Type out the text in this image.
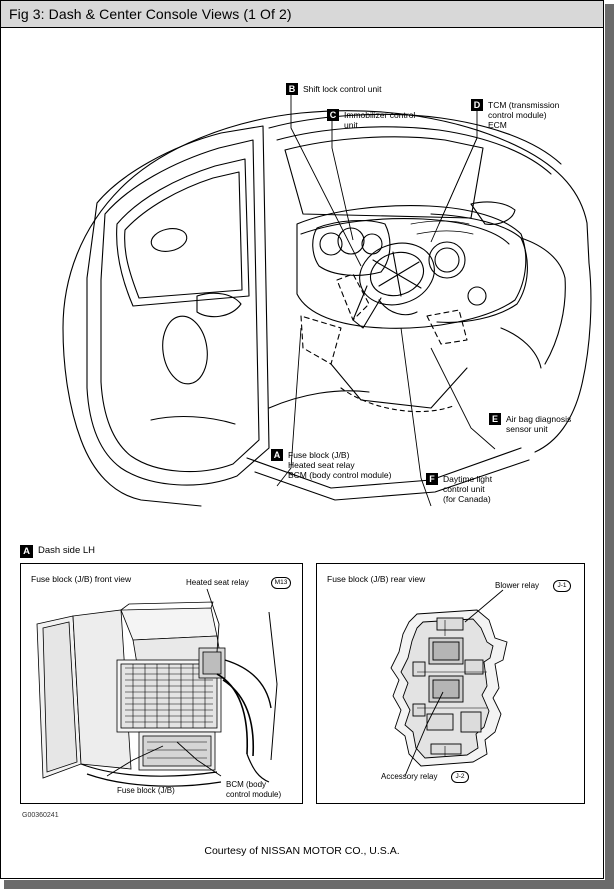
Fig 3: Dash & Center Console Views (1 Of 2)
B Shift lock control unit
C Immobilizer control
unit
D TCM (transmission
control module)
ECM
E Air bag diagnosis
sensor unit
A Fuse block (J/B)
Heated seat relay
BCM (body control module)	F Daytime light
control unit
(for Canada)
A Dash side LH
Fuse block (J/B) front view	Heated seat relay	M13
Fuse block (J/B)
BCM (body
control module)
Fuse block (J/B) rear view
Blower relay	J-1
Accessory relay	J-2
G00360241
Courtesy of NISSAN MOTOR CO., U.S.A.
